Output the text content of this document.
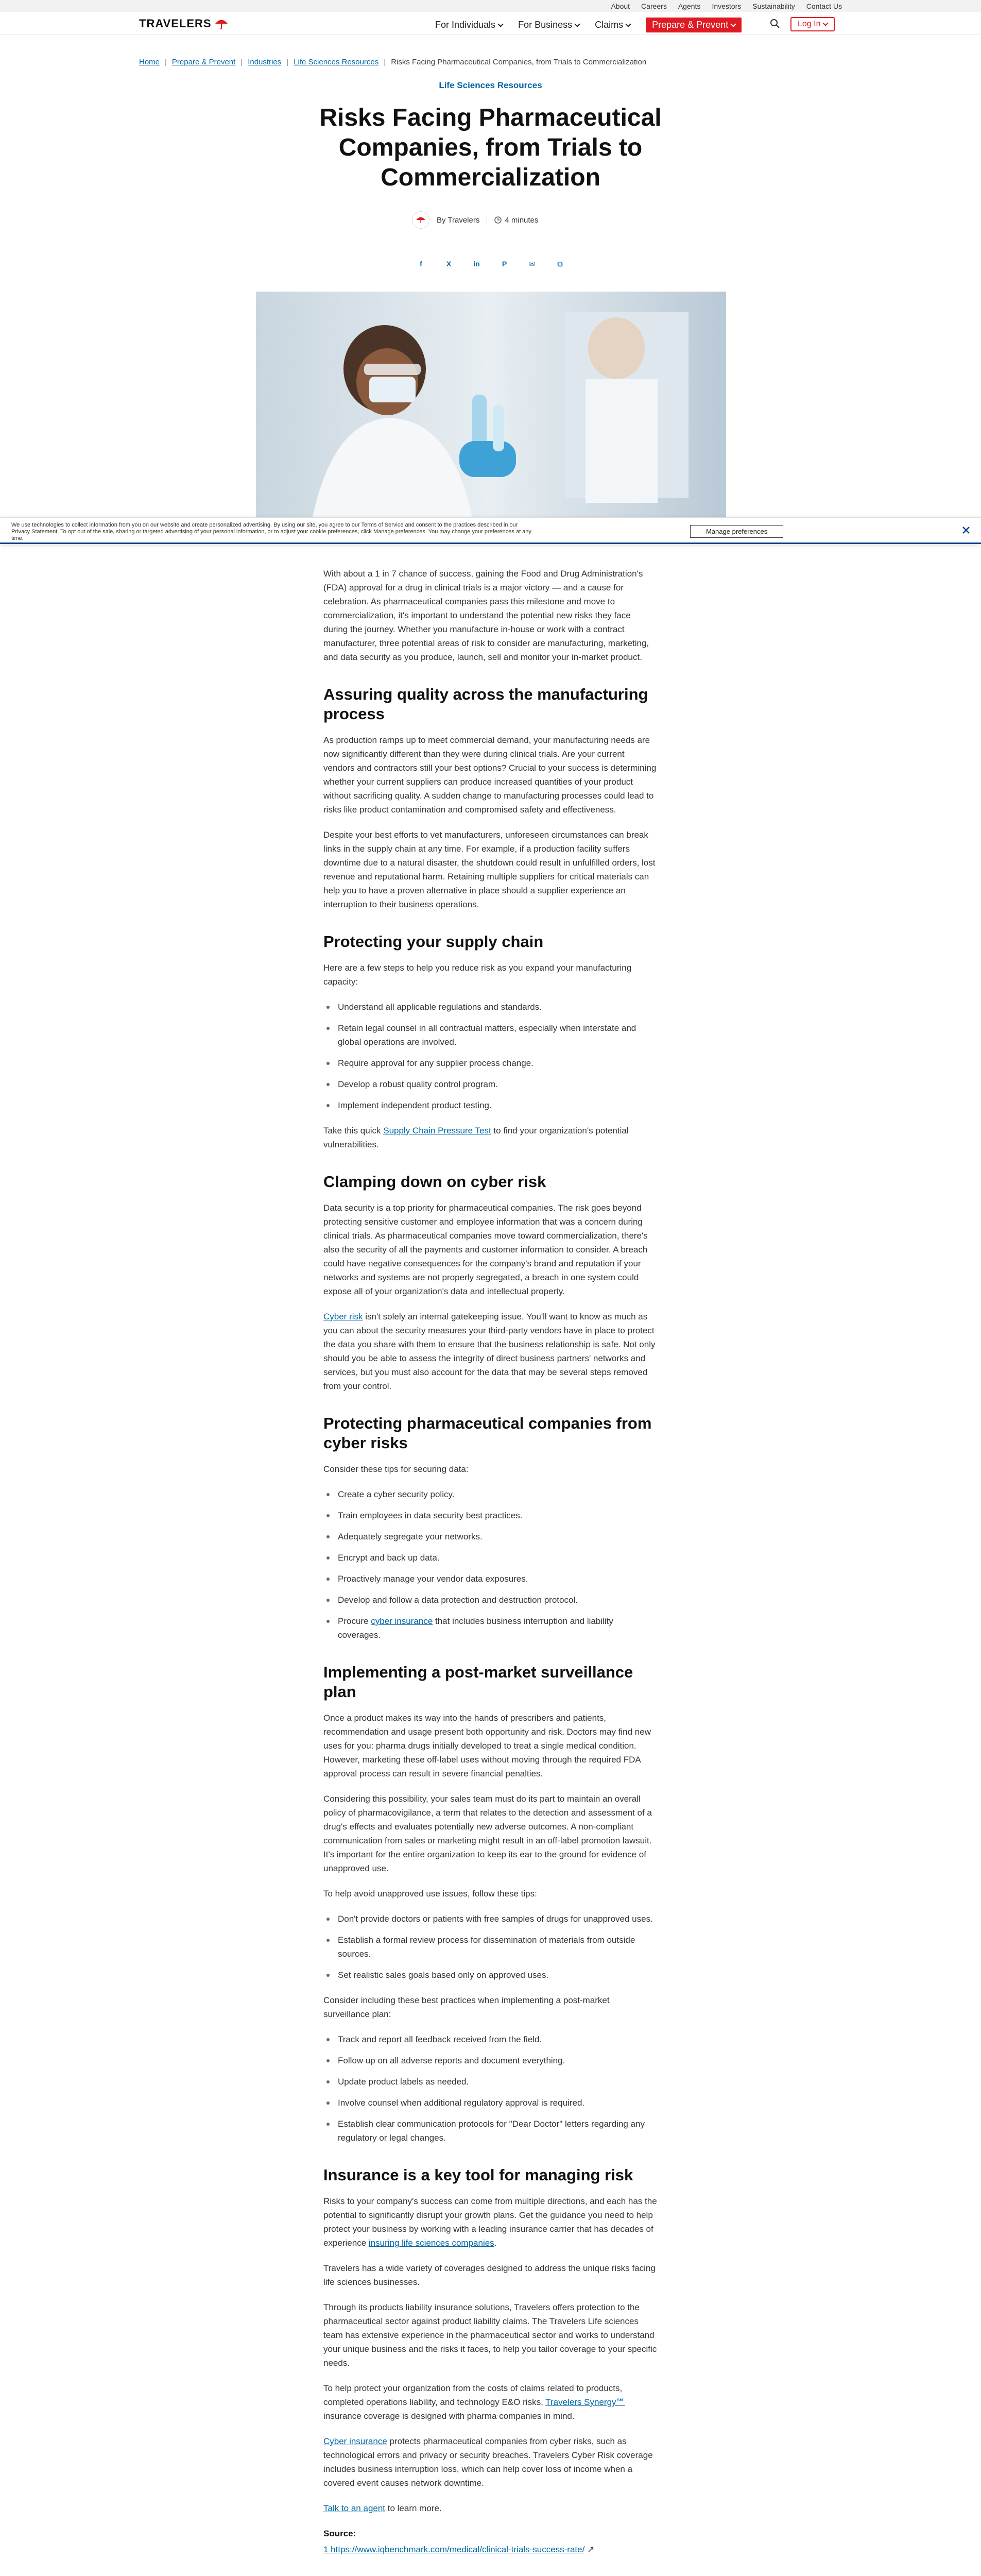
About Careers Agents Investors Sustainability Contact Us
TRAVELERS	For Individuals For Business Claims	Prepare & Prevent	Log In
Home | Prepare & Prevent | Industries | Life Sciences Resources | Risks Facing Pharmaceutical Companies, from Trials to Commercialization
Life Sciences Resources
Risks Facing Pharmaceutical Companies, from Trials to Commercialization
By Travelers	4 minutes
f	X	in	P	✉	⧉
We use technologies to collect information from you on our website and create personalized advertising. By using our site, you agree to our Terms of Service and consent to the practices described in our Privacy Statement. To opt out of the sale, sharing or targeted advertising of your personal information, or to adjust your cookie preferences, click Manage preferences. You may change your preferences at any time.
Manage preferences

With about a 1 in 7 chance of success, gaining the Food and Drug Administration's (FDA) approval for a drug in clinical trials is a major victory — and a cause for celebration. As pharmaceutical companies pass this milestone and move to commercialization, it's important to understand the potential new risks they face during the journey. Whether you manufacture in-house or work with a contract manufacturer, three potential areas of risk to consider are manufacturing, marketing, and data security as you produce, launch, sell and monitor your in-market product.

Assuring quality across the manufacturing process

As production ramps up to meet commercial demand, your manufacturing needs are now significantly different than they were during clinical trials. Are your current vendors and contractors still your best options? Crucial to your success is determining whether your current suppliers can produce increased quantities of your product without sacrificing quality. A sudden change to manufacturing processes could lead to risks like product contamination and compromised safety and effectiveness.

Despite your best efforts to vet manufacturers, unforeseen circumstances can break links in the supply chain at any time. For example, if a production facility suffers downtime due to a natural disaster, the shutdown could result in unfulfilled orders, lost revenue and reputational harm. Retaining multiple suppliers for critical materials can help you to have a proven alternative in place should a supplier experience an interruption to their business operations.

Protecting your supply chain

Here are a few steps to help you reduce risk as you expand your manufacturing capacity:

Understand all applicable regulations and standards.
Retain legal counsel in all contractual matters, especially when interstate and global operations are involved.
Require approval for any supplier process change.
Develop a robust quality control program.
Implement independent product testing.

Take this quick Supply Chain Pressure Test to find your organization's potential vulnerabilities.

Clamping down on cyber risk

Data security is a top priority for pharmaceutical companies. The risk goes beyond protecting sensitive customer and employee information that was a concern during clinical trials. As pharmaceutical companies move toward commercialization, there's also the security of all the payments and customer information to consider. A breach could have negative consequences for the company's brand and reputation if your networks and systems are not properly segregated, a breach in one system could expose all of your organization's data and intellectual property.

Cyber risk isn't solely an internal gatekeeping issue. You'll want to know as much as you can about the security measures your third-party vendors have in place to protect the data you share with them to ensure that the business relationship is safe. Not only should you be able to assess the integrity of direct business partners' networks and services, but you must also account for the data that may be several steps removed from your control.

Protecting pharmaceutical companies from cyber risks

Consider these tips for securing data:

Create a cyber security policy.
Train employees in data security best practices.
Adequately segregate your networks.
Encrypt and back up data.
Proactively manage your vendor data exposures.
Develop and follow a data protection and destruction protocol.
Procure cyber insurance that includes business interruption and liability coverages.
Implementing a post-market surveillance plan

Once a product makes its way into the hands of prescribers and patients, recommendation and usage present both opportunity and risk. Doctors may find new uses for you: pharma drugs initially developed to treat a single medical condition. However, marketing these off-label uses without moving through the required FDA approval process can result in severe financial penalties.

Considering this possibility, your sales team must do its part to maintain an overall policy of pharmacovigilance, a term that relates to the detection and assessment of a drug's effects and evaluates potentially new adverse outcomes. A non-compliant communication from sales or marketing might result in an off-label promotion lawsuit. It's important for the entire organization to keep its ear to the ground for evidence of unapproved use.

To help avoid unapproved use issues, follow these tips:

Don't provide doctors or patients with free samples of drugs for unapproved uses.
Establish a formal review process for dissemination of materials from outside sources.
Set realistic sales goals based only on approved uses.

Consider including these best practices when implementing a post-market surveillance plan:

Track and report all feedback received from the field.
Follow up on all adverse reports and document everything.
Update product labels as needed.
Involve counsel when additional regulatory approval is required.
Establish clear communication protocols for "Dear Doctor" letters regarding any regulatory or legal changes.
Insurance is a key tool for managing risk

Risks to your company's success can come from multiple directions, and each has the potential to significantly disrupt your growth plans. Get the guidance you need to help protect your business by working with a leading insurance carrier that has decades of experience insuring life sciences companies.

Travelers has a wide variety of coverages designed to address the unique risks facing life sciences businesses.

Through its products liability insurance solutions, Travelers offers protection to the pharmaceutical sector against product liability claims. The Travelers Life sciences team has extensive experience in the pharmaceutical sector and works to understand your unique business and the risks it faces, to help you tailor coverage to your specific needs.

To help protect your organization from the costs of claims related to products, completed operations liability, and technology E&O risks, Travelers Synergy℠ insurance coverage is designed with pharma companies in mind.

Cyber insurance protects pharmaceutical companies from cyber risks, such as technological errors and privacy or security breaches. Travelers Cyber Risk coverage includes business interruption loss, which can help cover loss of income when a covered event causes network downtime.

Talk to an agent to learn more.

Source:

1 https://www.iqbenchmark.com/medical/clinical-trials-success-rate/ ↗
